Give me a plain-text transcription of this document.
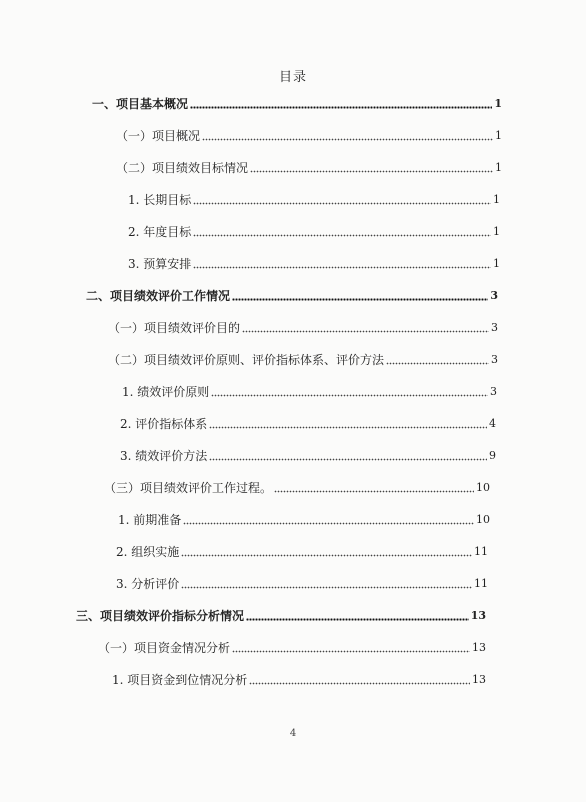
目录
一、项目基本概况	1
（一）项目概况	1
（二）项目绩效目标情况	1
1. 长期目标	1
2. 年度目标	1
3. 预算安排	1
二、项目绩效评价工作情况	3
（一）项目绩效评价目的	3
（二）项目绩效评价原则、评价指标体系、评价方法	3
1. 绩效评价原则	3
2. 评价指标体系	4
3. 绩效评价方法	9
（三）项目绩效评价工作过程。	10
1. 前期准备	10
2. 组织实施	11
3. 分析评价	11
三、项目绩效评价指标分析情况	13
（一）项目资金情况分析	13
1. 项目资金到位情况分析	13
4
